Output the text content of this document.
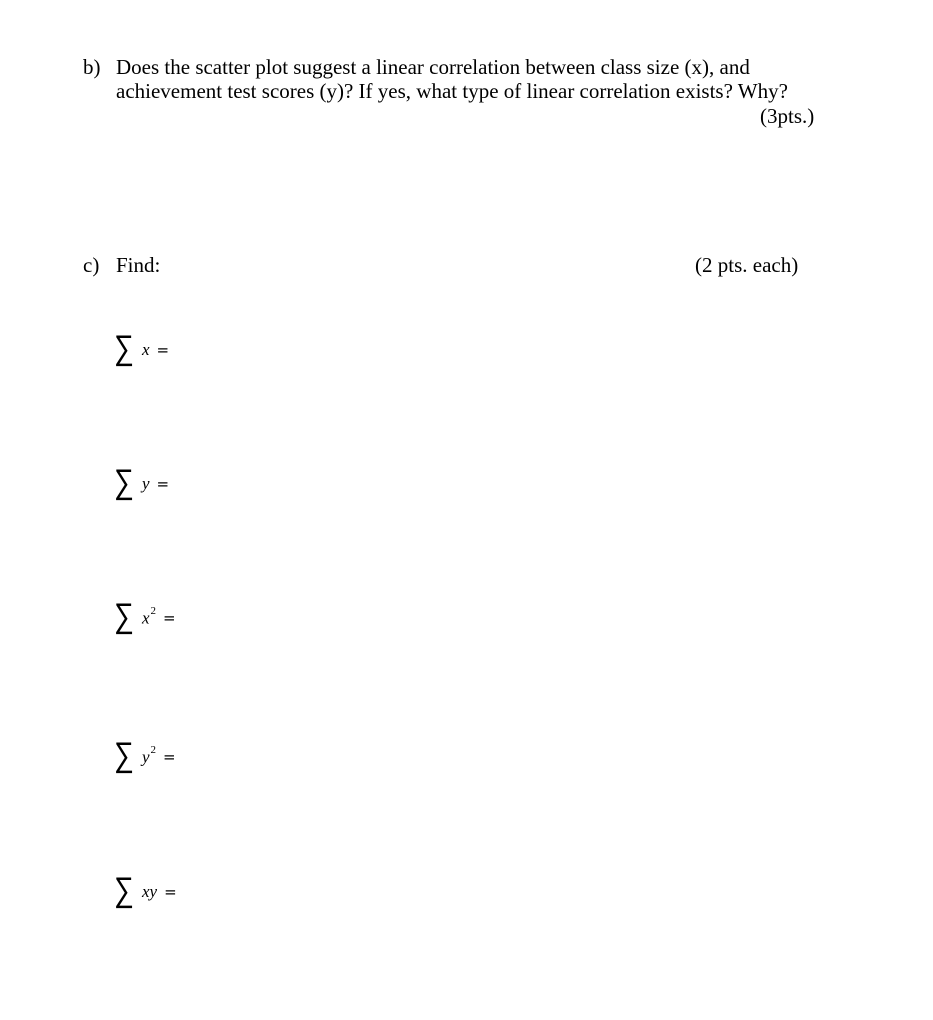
b) Does the scatter plot suggest a linear correlation between class size (x), and
achievement test scores (y)? If yes, what type of linear correlation exists? Why?
(3pts.)
c) Find:	(2 pts. each)
∑ x =
∑ y =
∑ $x^2$ =
∑ $y^2$ =
∑ xy =
